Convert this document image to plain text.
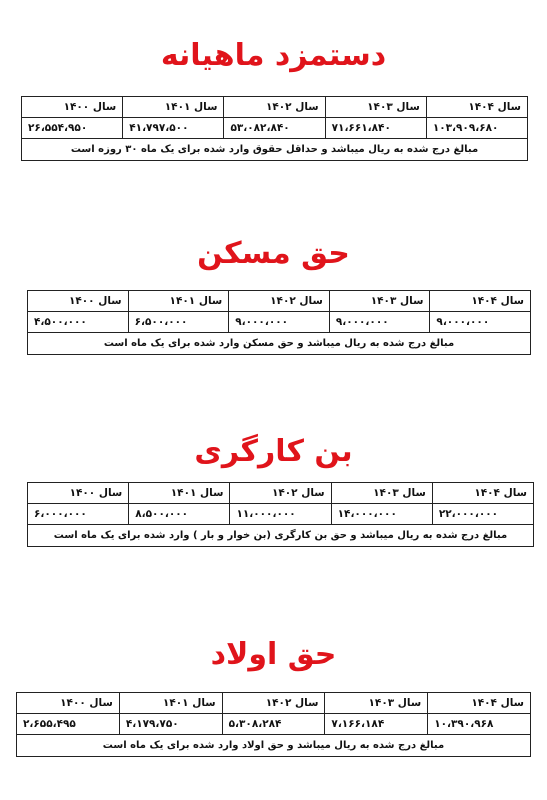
دستمزد ماهیانه
سال ۱۴۰۴	سال ۱۴۰۳	سال ۱۴۰۲	سال ۱۴۰۱	سال ۱۴۰۰
۱۰۳،۹۰۹،۶۸۰	۷۱،۶۶۱،۸۴۰	۵۳،۰۸۲،۸۴۰	۴۱،۷۹۷،۵۰۰	۲۶،۵۵۴،۹۵۰
مبالغ درج شده به ریال میباشد و حداقل حقوق وارد شده برای یک ماه ۳۰ روزه است				
حق مسکن
سال ۱۴۰۴	سال ۱۴۰۳	سال ۱۴۰۲	سال ۱۴۰۱	سال ۱۴۰۰
۹،۰۰۰،۰۰۰	۹،۰۰۰،۰۰۰	۹،۰۰۰،۰۰۰	۶،۵۰۰،۰۰۰	۴،۵۰۰،۰۰۰
مبالغ درج شده به ریال میباشد و حق مسکن وارد شده برای یک ماه است				
بن کارگری
سال ۱۴۰۴	سال ۱۴۰۳	سال ۱۴۰۲	سال ۱۴۰۱	سال ۱۴۰۰
۲۲،۰۰۰،۰۰۰	۱۴،۰۰۰،۰۰۰	۱۱،۰۰۰،۰۰۰	۸،۵۰۰،۰۰۰	۶،۰۰۰،۰۰۰
مبالغ درج شده به ریال میباشد و حق بن کارگری (بن خوار و بار ) وارد شده برای یک ماه است				
حق اولاد
سال ۱۴۰۴	سال ۱۴۰۳	سال ۱۴۰۲	سال ۱۴۰۱	سال ۱۴۰۰
۱۰،۳۹۰،۹۶۸	۷،۱۶۶،۱۸۴	۵،۳۰۸،۲۸۴	۴،۱۷۹،۷۵۰	۲،۶۵۵،۴۹۵
مبالغ درج شده به ریال میباشد و حق اولاد وارد شده برای یک ماه است				
